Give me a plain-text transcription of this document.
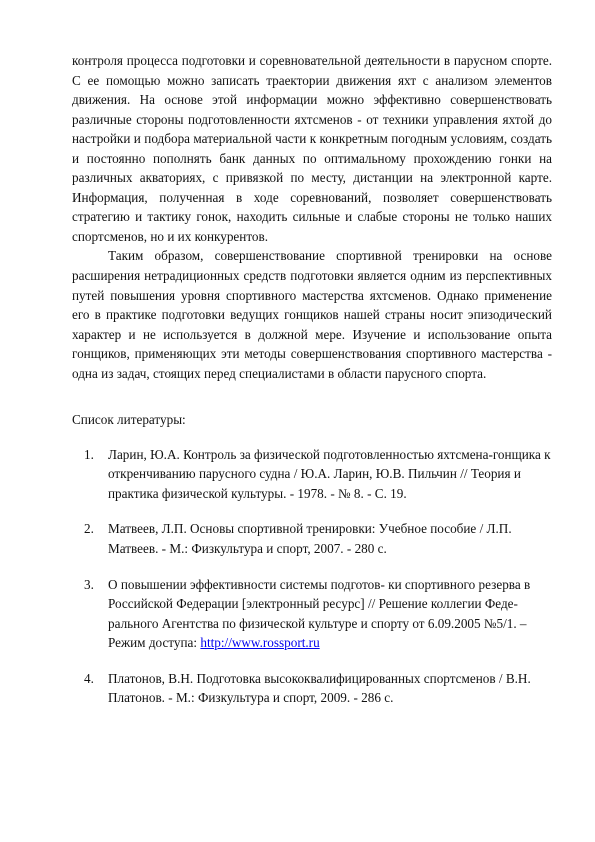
контроля процесса подготовки и соревновательной деятельности в парусном спорте. С ее помощью можно записать траектории движения яхт с анализом элементов движения. На основе этой информации можно эффективно совершенствовать различные стороны подготовленности яхтсменов - от техники управления яхтой до настройки и подбора материальной части к конкретным погодным условиям, создать и постоянно пополнять банк данных по оптимальному прохождению гонки на различных акваториях, с привязкой по месту, дистанции на электронной карте. Информация, полученная в ходе соревнований, позволяет совершенствовать стратегию и тактику гонок, находить сильные и слабые стороны не только наших спортсменов, но и их конкурентов.

Таким образом, совершенствование спортивной тренировки на основе расширения нетрадиционных средств подготовки является одним из перспективных путей повышения уровня спортивного мастерства яхтсменов. Однако применение его в практике подготовки ведущих гонщиков нашей страны носит эпизодический характер и не используется в должной мере. Изучение и использование опыта гонщиков, применяющих эти методы совершенствования спортивного мастерства - одна из задач, стоящих перед специалистами в области парусного спорта.

Список литературы:

1. Ларин, Ю.А. Контроль за физической подготовленностью яхтсмена-гонщика к откренчиванию парусного судна / Ю.А. Ларин, Ю.В. Пильчин // Теория и практика физической культуры. - 1978. - № 8. - С. 19.
2. Матвеев, Л.П. Основы спортивной тренировки: Учебное пособие / Л.П. Матвеев. - М.: Физкультура и спорт, 2007. - 280 с.
3. О повышении эффективности системы подготов- ки спортивного резерва в Российской Федерации [электронный ресурс] // Решение коллегии Феде-рального Агентства по физической культуре и спорту от 6.09.2005 №5/1. – Режим доступа: http://www.rossport.ru
4. Платонов, В.Н. Подготовка высококвалифицированных спортсменов / В.Н. Платонов. - М.: Физкультура и спорт, 2009. - 286 с.
